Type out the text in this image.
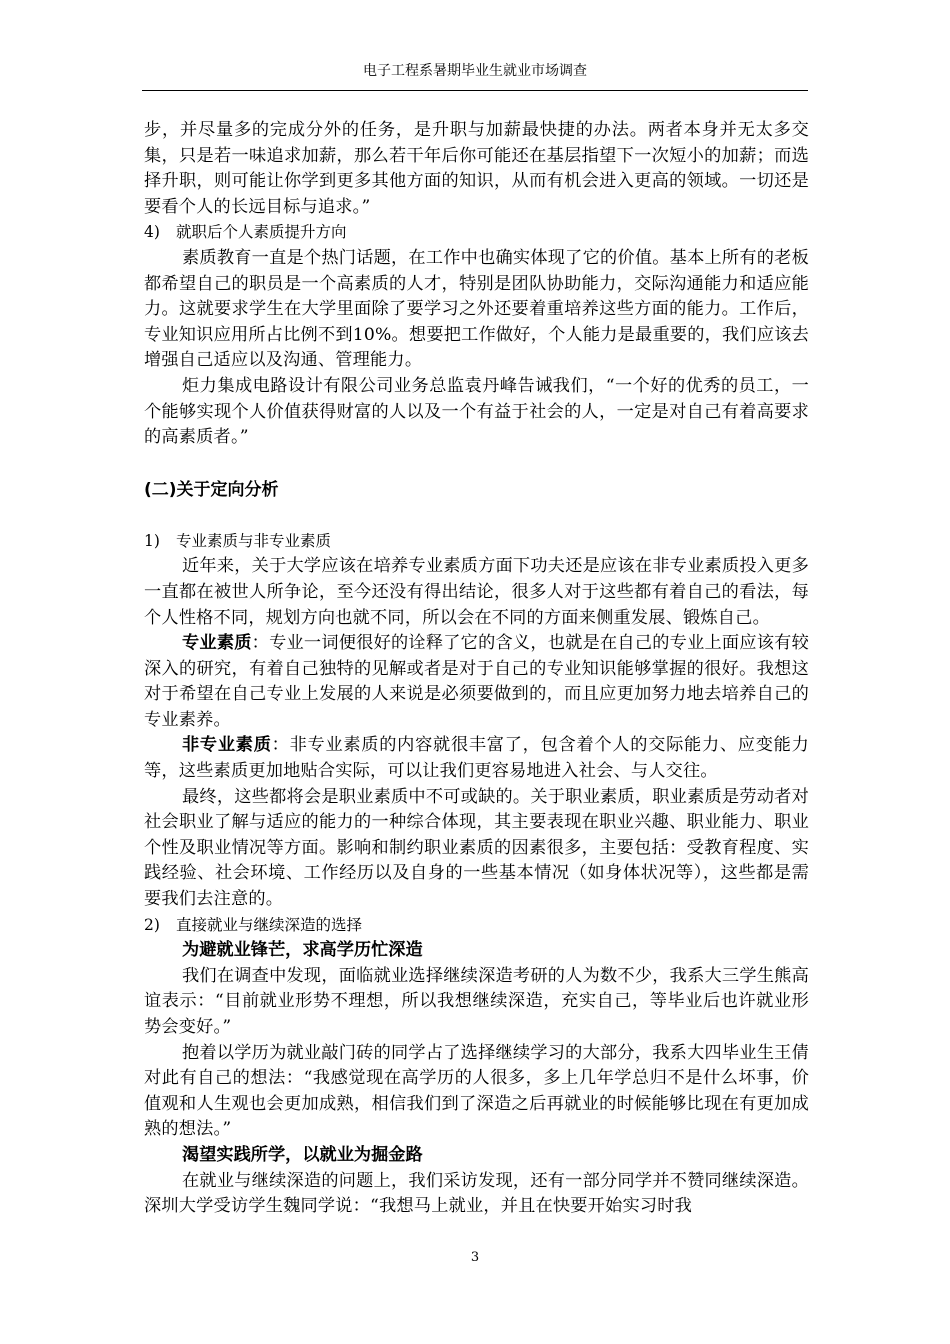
电子工程系暑期毕业生就业市场调查

步，并尽量多的完成分外的任务，是升职与加薪最快捷的办法。两者本身并无太多交集，只是若一味追求加薪，那么若干年后你可能还在基层指望下一次短小的加薪；而选择升职，则可能让你学到更多其他方面的知识，从而有机会进入更高的领域。一切还是要看个人的长远目标与追求。”

4) 就职后个人素质提升方向

素质教育一直是个热门话题，在工作中也确实体现了它的价值。基本上所有的老板都希望自己的职员是一个高素质的人才，特别是团队协助能力，交际沟通能力和适应能力。这就要求学生在大学里面除了要学习之外还要着重培养这些方面的能力。工作后，专业知识应用所占比例不到10%。想要把工作做好，个人能力是最重要的，我们应该去增强自己适应以及沟通、管理能力。

炬力集成电路设计有限公司业务总监袁丹峰告诫我们，“一个好的优秀的员工，一个能够实现个人价值获得财富的人以及一个有益于社会的人，一定是对自己有着高要求的高素质者。”

(二)关于定向分析

1) 专业素质与非专业素质

近年来，关于大学应该在培养专业素质方面下功夫还是应该在非专业素质投入更多一直都在被世人所争论，至今还没有得出结论，很多人对于这些都有着自己的看法，每个人性格不同，规划方向也就不同，所以会在不同的方面来侧重发展、锻炼自己。

专业素质：专业一词便很好的诠释了它的含义，也就是在自己的专业上面应该有较深入的研究，有着自己独特的见解或者是对于自己的专业知识能够掌握的很好。我想这对于希望在自己专业上发展的人来说是必须要做到的，而且应更加努力地去培养自己的专业素养。

非专业素质：非专业素质的内容就很丰富了，包含着个人的交际能力、应变能力等，这些素质更加地贴合实际，可以让我们更容易地进入社会、与人交往。

最终，这些都将会是职业素质中不可或缺的。关于职业素质，职业素质是劳动者对社会职业了解与适应的能力的一种综合体现，其主要表现在职业兴趣、职业能力、职业个性及职业情况等方面。影响和制约职业素质的因素很多，主要包括：受教育程度、实践经验、社会环境、工作经历以及自身的一些基本情况（如身体状况等），这些都是需要我们去注意的。

2) 直接就业与继续深造的选择

为避就业锋芒，求高学历忙深造

我们在调查中发现，面临就业选择继续深造考研的人为数不少，我系大三学生熊高谊表示：“目前就业形势不理想，所以我想继续深造，充实自己，等毕业后也许就业形势会变好。”

抱着以学历为就业敲门砖的同学占了选择继续学习的大部分，我系大四毕业生王倩对此有自己的想法：“我感觉现在高学历的人很多，多上几年学总归不是什么坏事，价值观和人生观也会更加成熟，相信我们到了深造之后再就业的时候能够比现在有更加成熟的想法。”

渴望实践所学，以就业为掘金路

在就业与继续深造的问题上，我们采访发现，还有一部分同学并不赞同继续深造。深圳大学受访学生魏同学说：“我想马上就业，并且在快要开始实习时我

3
